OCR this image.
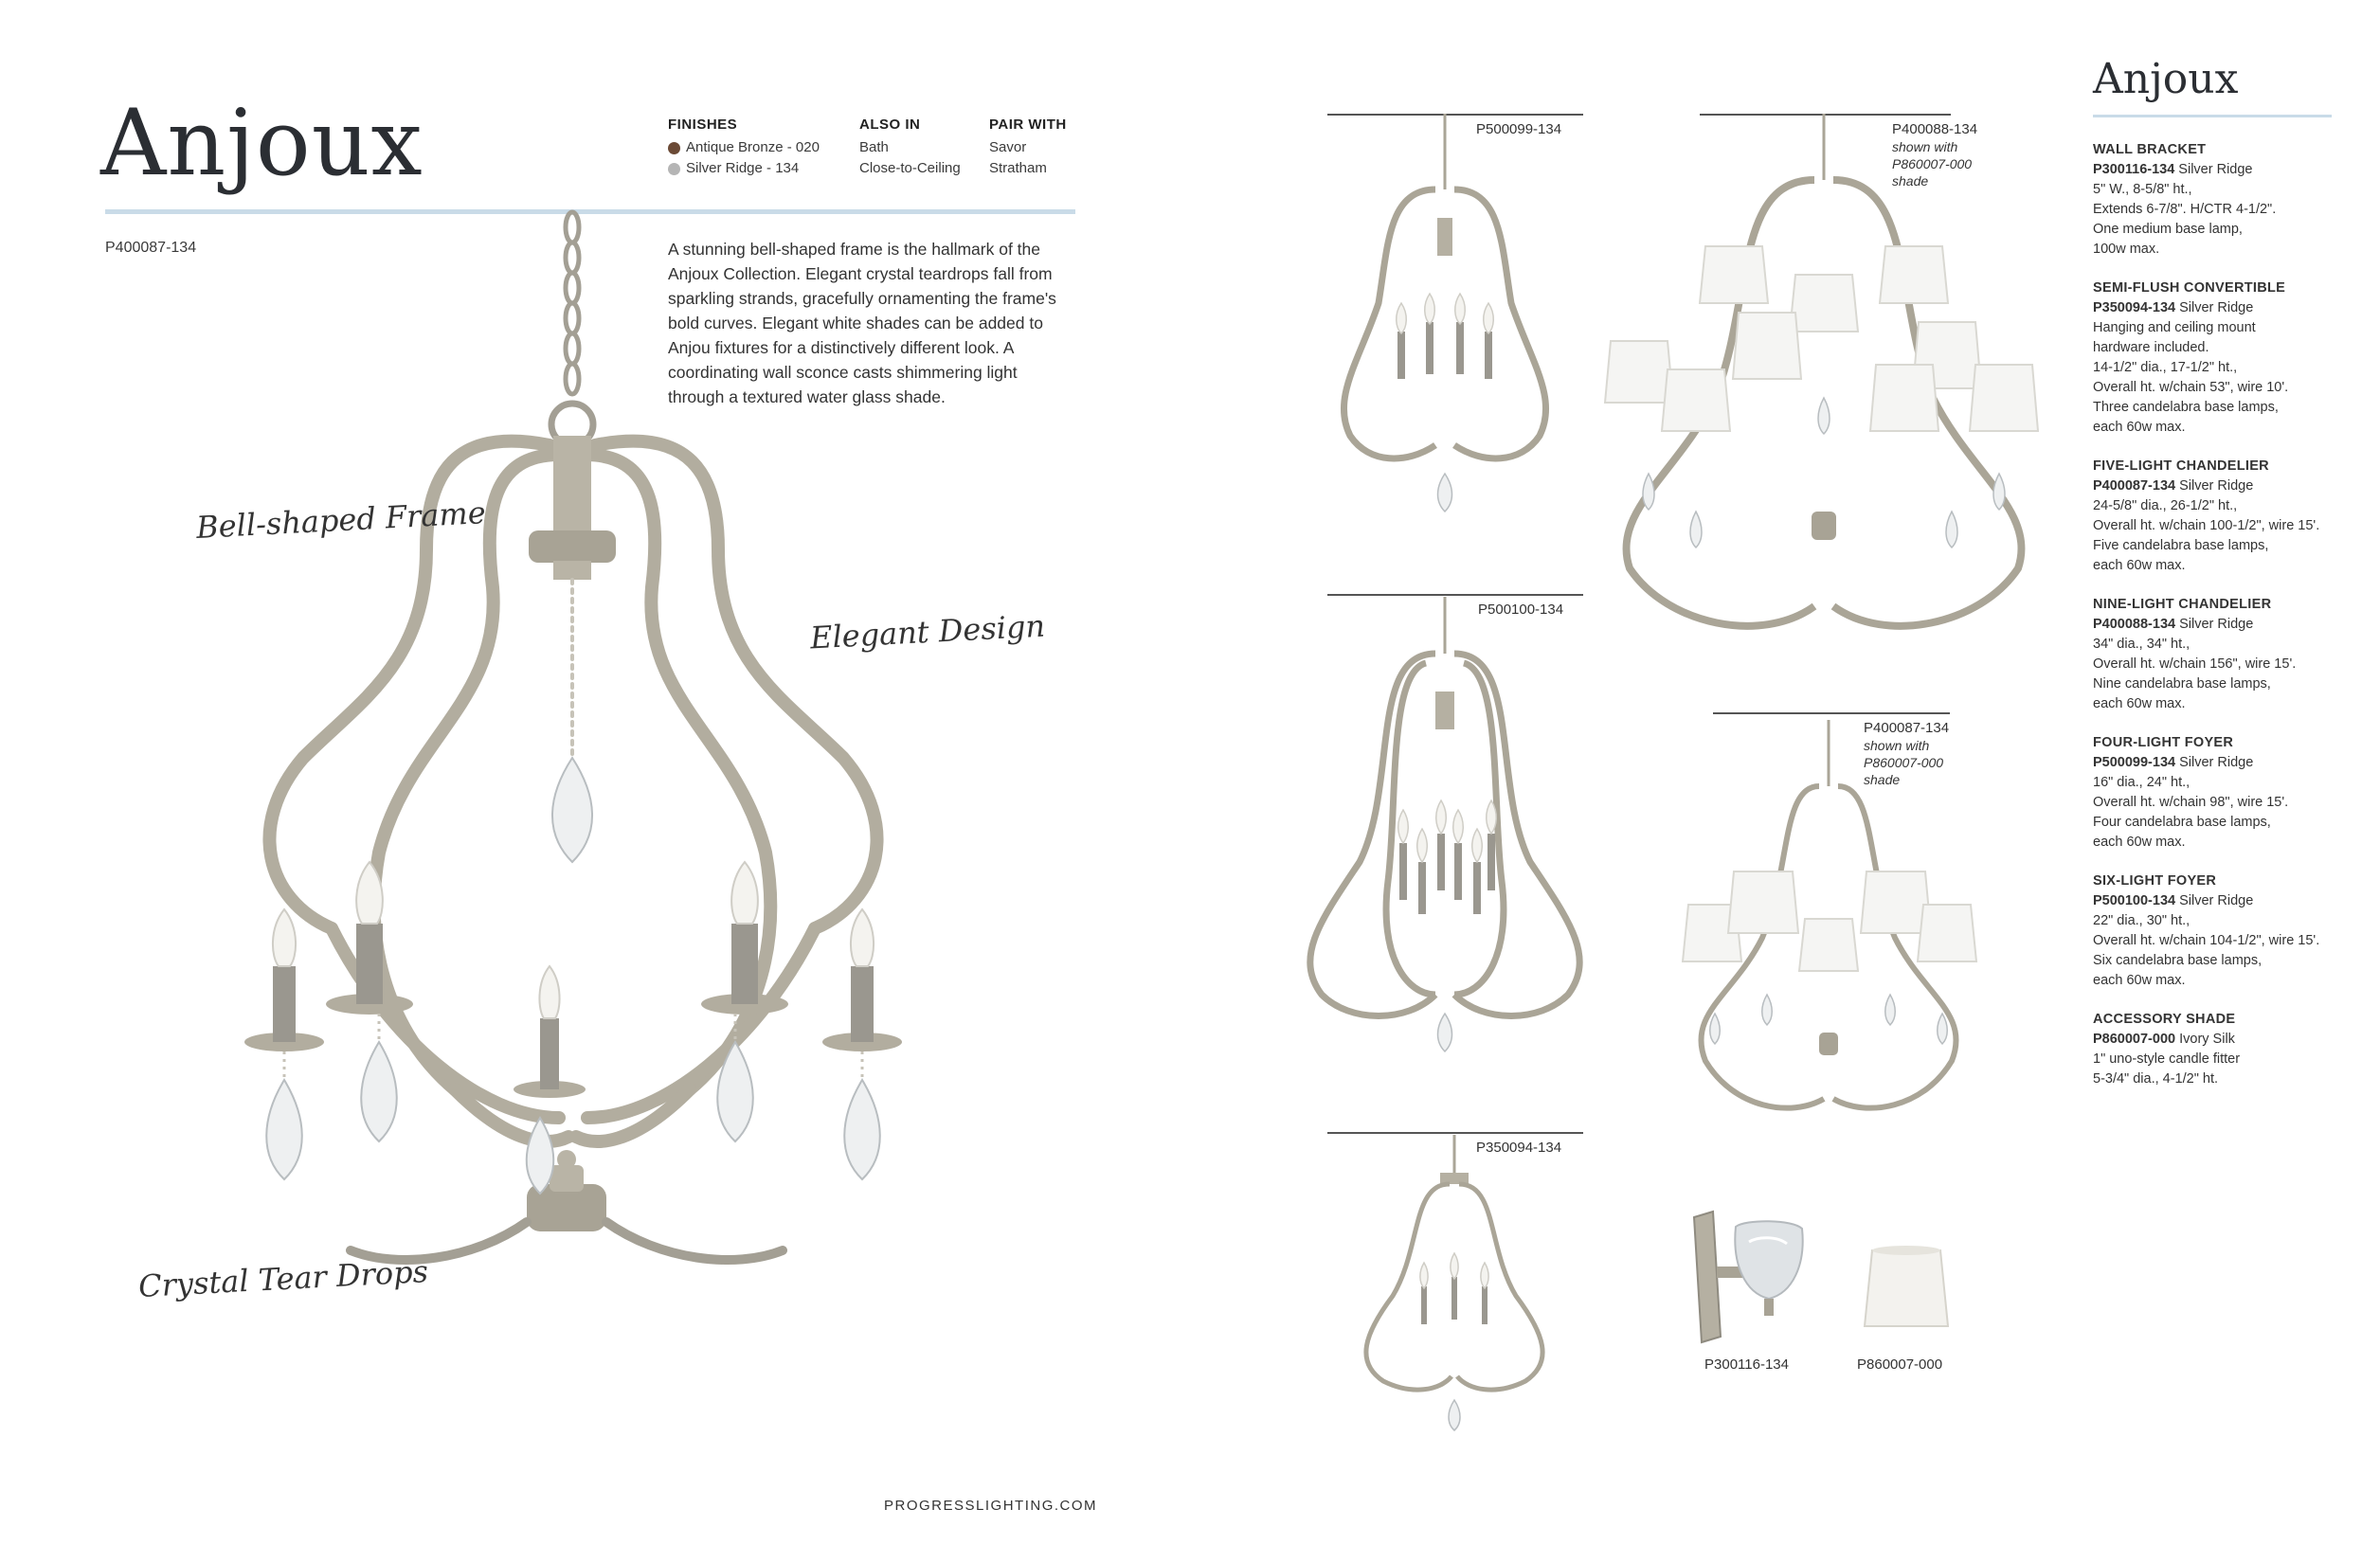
Anjoux
P400087-134
FINISHES
Antique Bronze - 020
Silver Ridge - 134
ALSO IN
Bath
Close-to-Ceiling
PAIR WITH
Savor
Stratham
A stunning bell-shaped frame is the hallmark of the Anjoux Collection. Elegant crystal teardrops fall from sparkling strands, gracefully ornamenting the frame's bold curves. Elegant white shades can be added to Anjou fixtures for a distinctively different look. A coordinating wall sconce casts shimmering light through a textured water glass shade.
Bell-shaped Frame
Elegant Design
Crystal Tear Drops
PROGRESSLIGHTING.COM
P500099-134	P400088-134
shown with
P860007-000
shade
P500100-134
P400087-134
shown with
P860007-000
shade
P350094-134
P300116-134	P860007-000
Anjoux
WALL BRACKET
P300116-134 Silver Ridge
5" W., 8-5/8" ht.,
Extends 6-7/8". H/CTR 4-1/2".
One medium base lamp,
100w max.
SEMI-FLUSH CONVERTIBLE
P350094-134 Silver Ridge
Hanging and ceiling mount
hardware included.
14-1/2" dia., 17-1/2" ht.,
Overall ht. w/chain 53", wire 10'.
Three candelabra base lamps,
each 60w max.
FIVE-LIGHT CHANDELIER
P400087-134 Silver Ridge
24-5/8" dia., 26-1/2" ht.,
Overall ht. w/chain 100-1/2", wire 15'.
Five candelabra base lamps,
each 60w max.
NINE-LIGHT CHANDELIER
P400088-134 Silver Ridge
34" dia., 34" ht.,
Overall ht. w/chain 156", wire 15'.
Nine candelabra base lamps,
each 60w max.
FOUR-LIGHT FOYER
P500099-134 Silver Ridge
16" dia., 24" ht.,
Overall ht. w/chain 98", wire 15'.
Four candelabra base lamps,
each 60w max.
SIX-LIGHT FOYER
P500100-134 Silver Ridge
22" dia., 30" ht.,
Overall ht. w/chain 104-1/2", wire 15'.
Six candelabra base lamps,
each 60w max.
ACCESSORY SHADE
P860007-000 Ivory Silk
1" uno-style candle fitter
5-3/4" dia., 4-1/2" ht.
